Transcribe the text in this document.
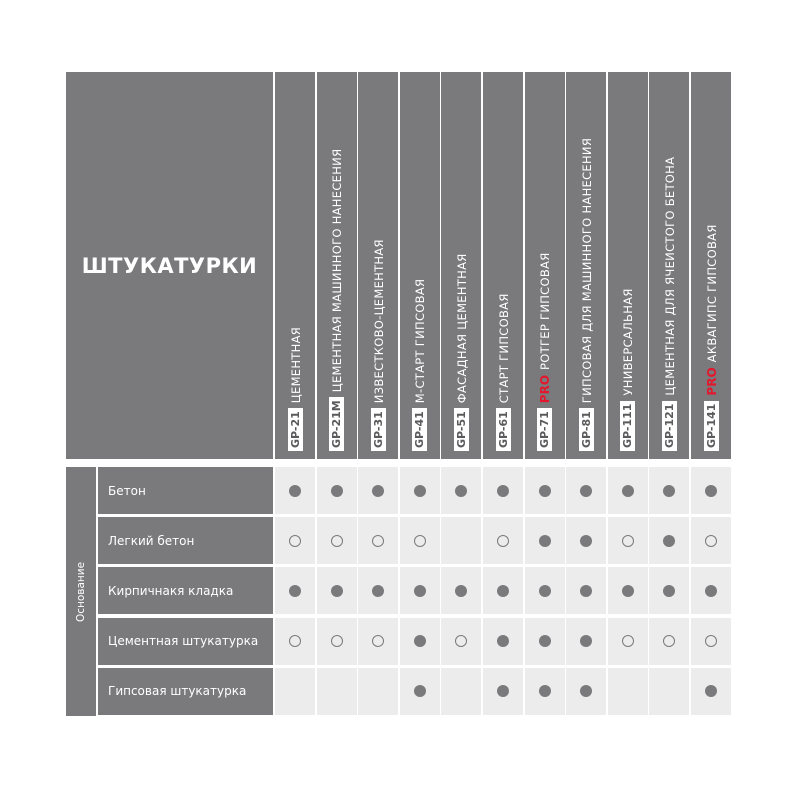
ШТУКАТУРКИ
GP-21
ЦЕМЕНТНАЯ
GP-21M
ЦЕМЕНТНАЯ МАШИННОГО НАНЕСЕНИЯ
GP-31
ИЗВЕСТКОВО-ЦЕМЕНТНАЯ
GP-41
М-СТАРТ ГИПСОВАЯ
GP-51
ФАСАДНАЯ ЦЕМЕНТНАЯ
GP-61
СТАРТ ГИПСОВАЯ
GP-71
PRO
РОТГЕР ГИПСОВАЯ
GP-81
ГИПСОВАЯ ДЛЯ МАШИННОГО НАНЕСЕНИЯ
GP-111
УНИВЕРСАЛЬНАЯ
GP-121
ЦЕМЕНТНАЯ ДЛЯ ЯЧЕИСТОГО БЕТОНА
GP-141
PRO
АКВАГИПС ГИПСОВАЯ
Основание
Бетон
Легкий бетон
Кирпичнакя кладка
Цементная штукатурка
Гипсовая штукатурка
